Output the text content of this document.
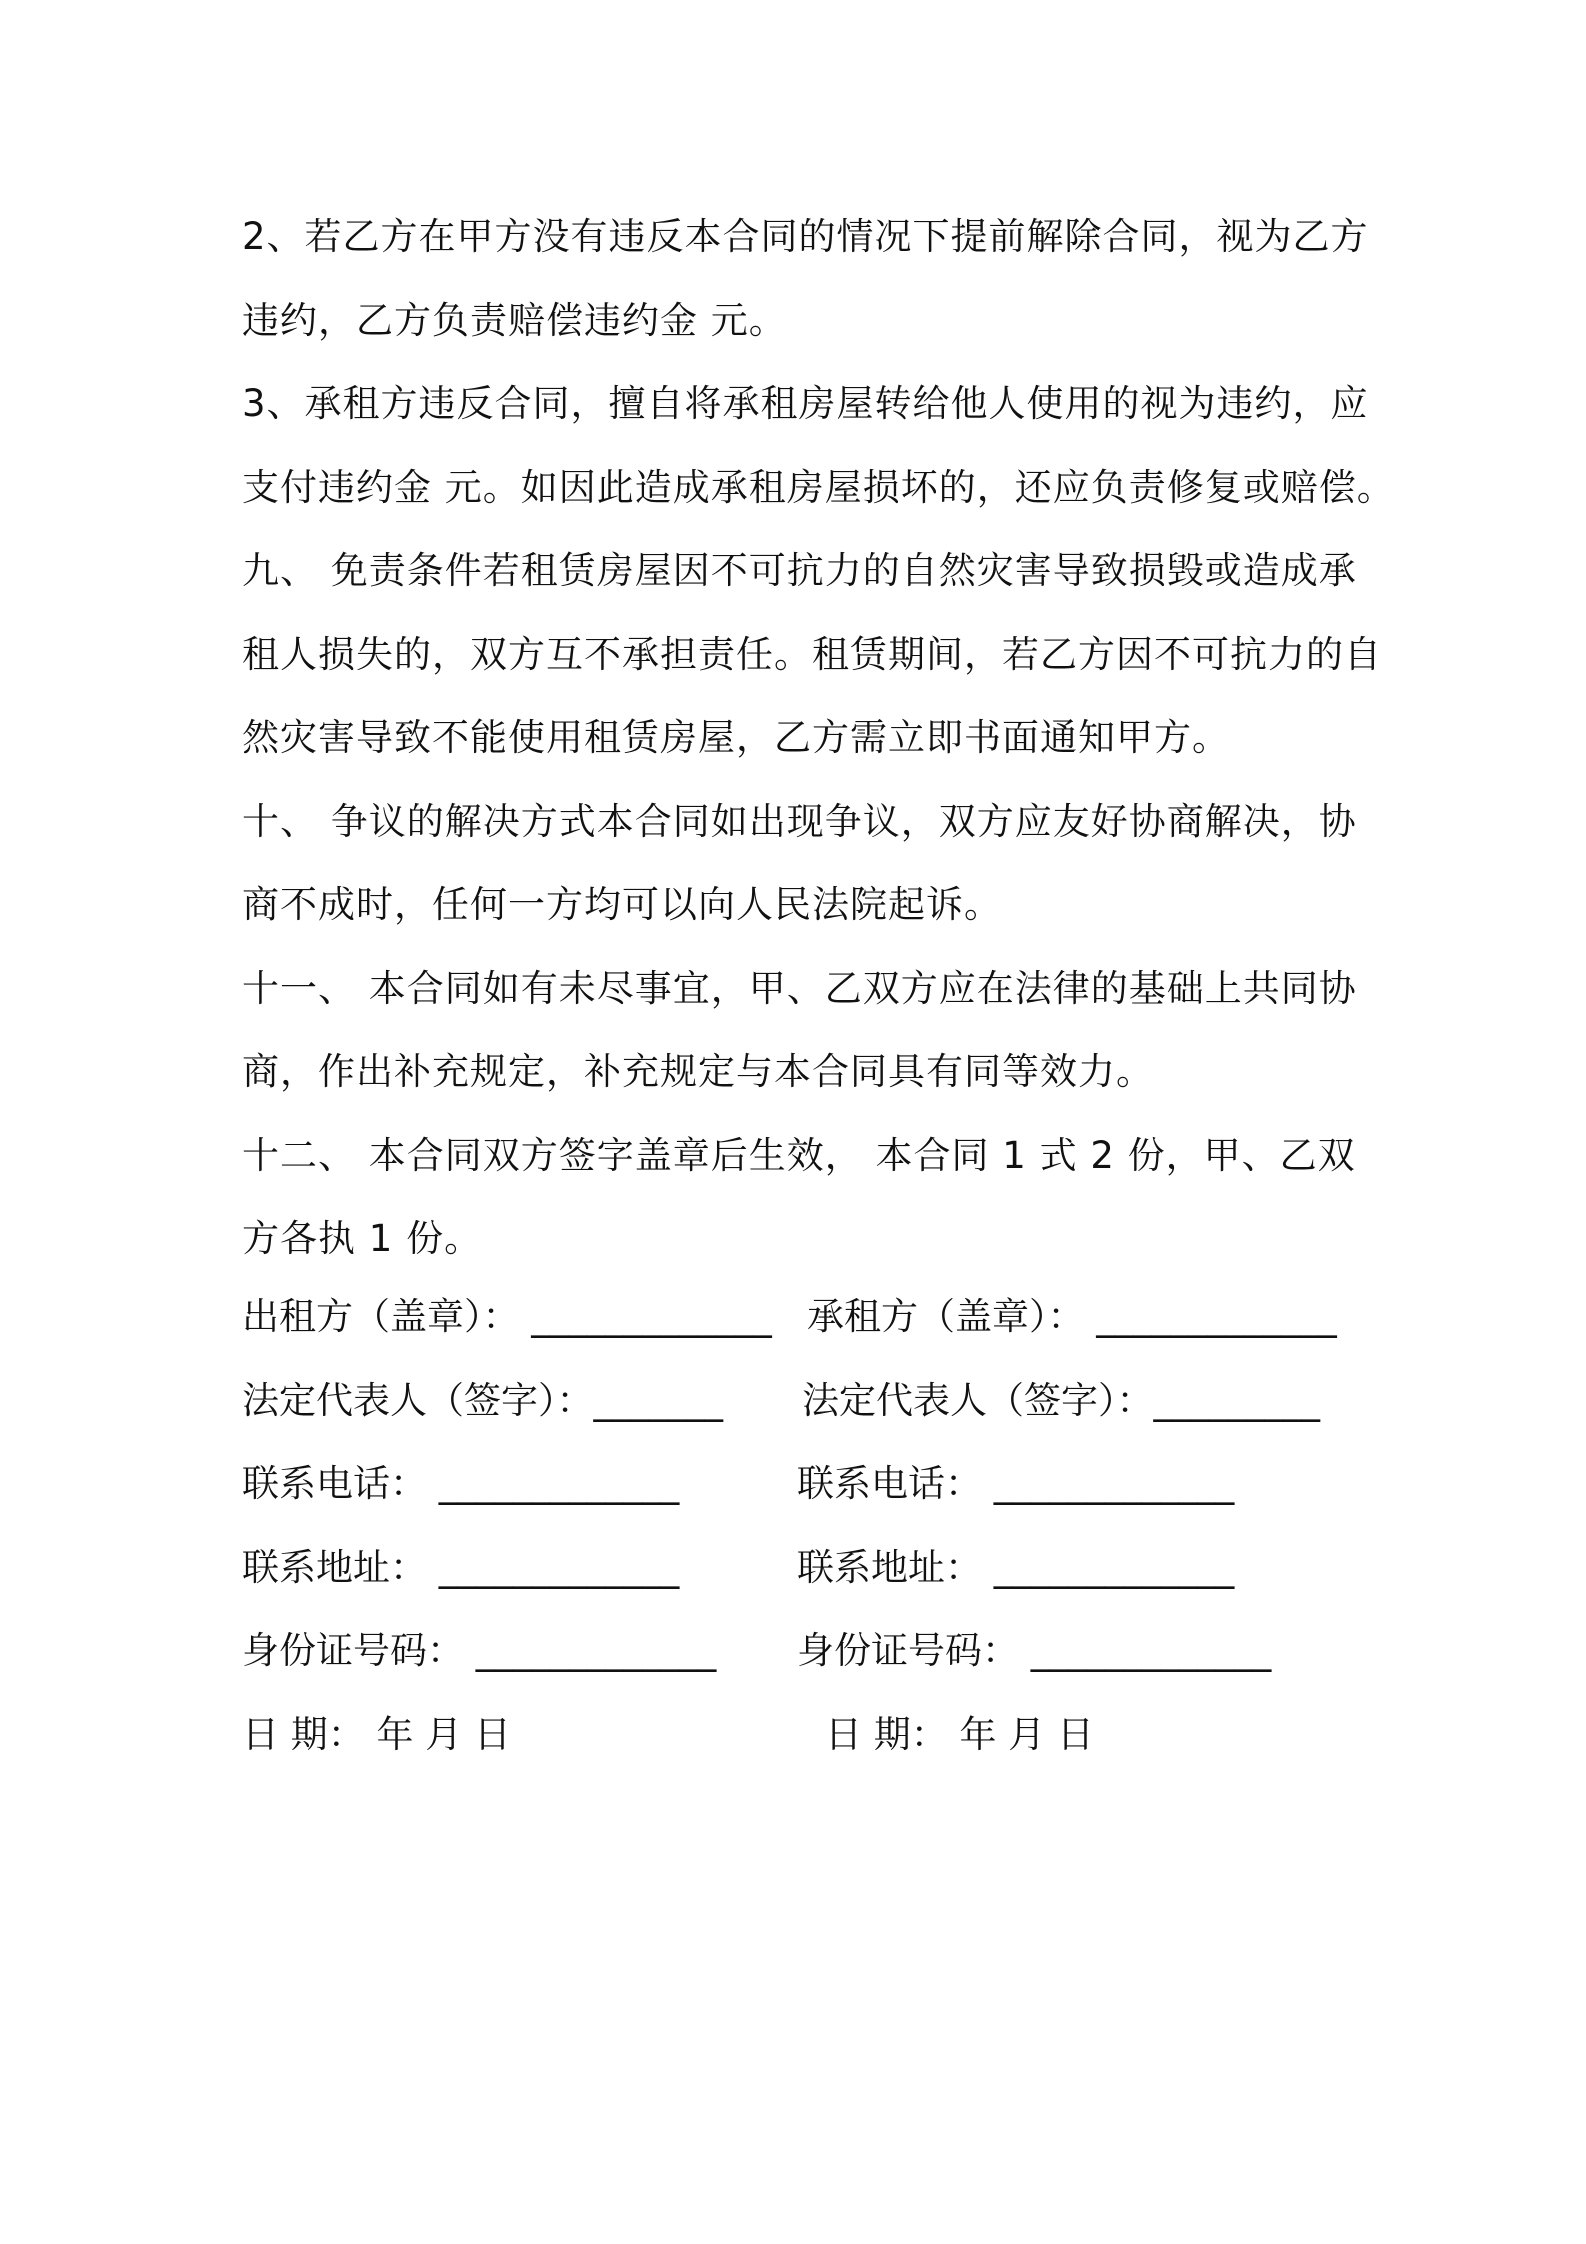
2、若乙方在甲方没有违反本合同的情况下提前解除合同，视为乙方
违约，乙方负责赔偿违约金 元。
3、承租方违反合同，擅自将承租房屋转给他人使用的视为违约，应
支付违约金 元。如因此造成承租房屋损坏的，还应负责修复或赔偿。
九、 免责条件若租赁房屋因不可抗力的自然灾害导致损毁或造成承
租人损失的，双方互不承担责任。租赁期间，若乙方因不可抗力的自
然灾害导致不能使用租赁房屋，乙方需立即书面通知甲方。
十、 争议的解决方式本合同如出现争议，双方应友好协商解决，协
商不成时，任何一方均可以向人民法院起诉。
十一、 本合同如有未尽事宜，甲、乙双方应在法律的基础上共同协
商，作出补充规定，补充规定与本合同具有同等效力。
十二、 本合同双方签字盖章后生效， 本合同 1 式 2 份，甲、乙双
方各执 1 份。
出租方（盖章）： _____________ 承租方（盖章）： _____________
法定代表人（签字）：_______ 法定代表人（签字）：_________
联系电话： _____________	联系电话： _____________
联系地址： _____________	联系地址： _____________
身份证号码： _____________ 身份证号码： _____________
日 期： 年 月 日	日 期： 年 月 日
